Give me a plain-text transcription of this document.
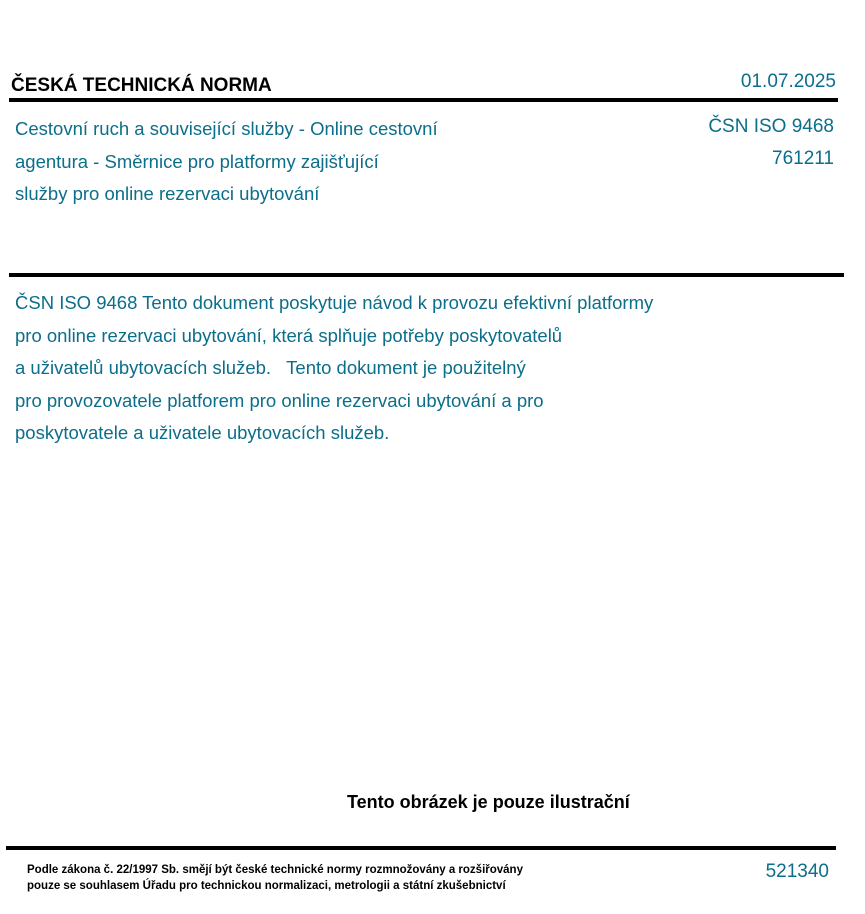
ČESKÁ TECHNICKÁ NORMA	01.07.2025
Cestovní ruch a související služby - Online cestovní
agentura - Směrnice pro platformy zajišťující
služby pro online rezervaci ubytování
ČSN ISO 9468
761211
ČSN ISO 9468 Tento dokument poskytuje návod k provozu efektivní platformy
pro online rezervaci ubytování, která splňuje potřeby poskytovatelů
a uživatelů ubytovacích služeb.   Tento dokument je použitelný
pro provozovatele platforem pro online rezervaci ubytování a pro
poskytovatele a uživatele ubytovacích služeb.
Tento obrázek je pouze ilustrační
Podle zákona č. 22/1997 Sb. smějí být české technické normy rozmnožovány a rozšiřovány
pouze se souhlasem Úřadu pro technickou normalizaci, metrologii a státní zkušebnictví
521340
